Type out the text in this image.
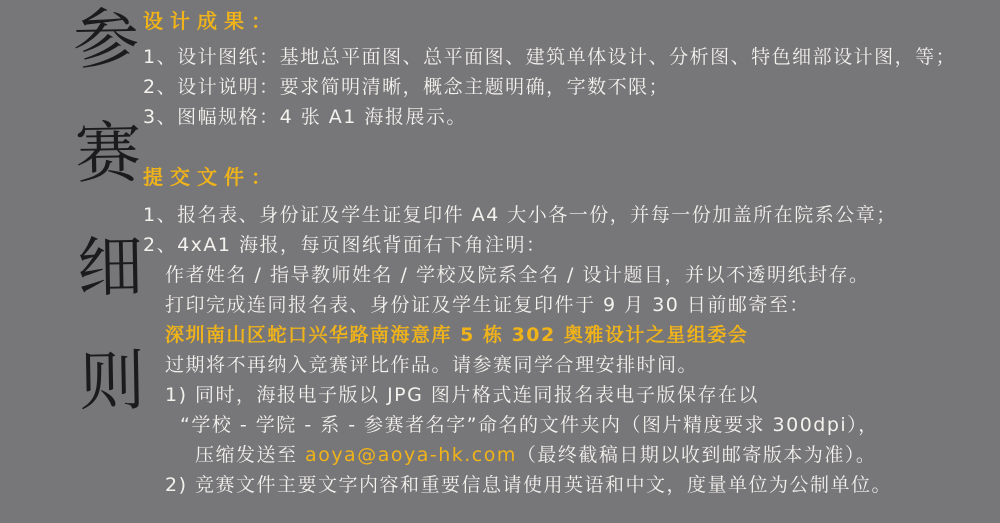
参赛细则
设计成果：
1、设计图纸：基地总平面图、总平面图、建筑单体设计、分析图、特色细部设计图，等；
2、设计说明：要求简明清晰，概念主题明确，字数不限；
3、图幅规格：4 张 A1 海报展示。
提交文件：
1、报名表、身份证及学生证复印件 A4 大小各一份，并每一份加盖所在院系公章；
2、4xA1 海报，每页图纸背面右下角注明：
作者姓名 / 指导教师姓名 / 学校及院系全名 / 设计题目，并以不透明纸封存。
打印完成连同报名表、身份证及学生证复印件于 9 月 30 日前邮寄至：
深圳南山区蛇口兴华路南海意库 5 栋 302 奥雅设计之星组委会
过期将不再纳入竞赛评比作品。请参赛同学合理安排时间。
1) 同时，海报电子版以 JPG 图片格式连同报名表电子版保存在以
“学校 - 学院 - 系 - 参赛者名字”命名的文件夹内（图片精度要求 300dpi），
压缩发送至 aoya@aoya-hk.com（最终截稿日期以收到邮寄版本为准）。
2) 竞赛文件主要文字内容和重要信息请使用英语和中文，度量单位为公制单位。
